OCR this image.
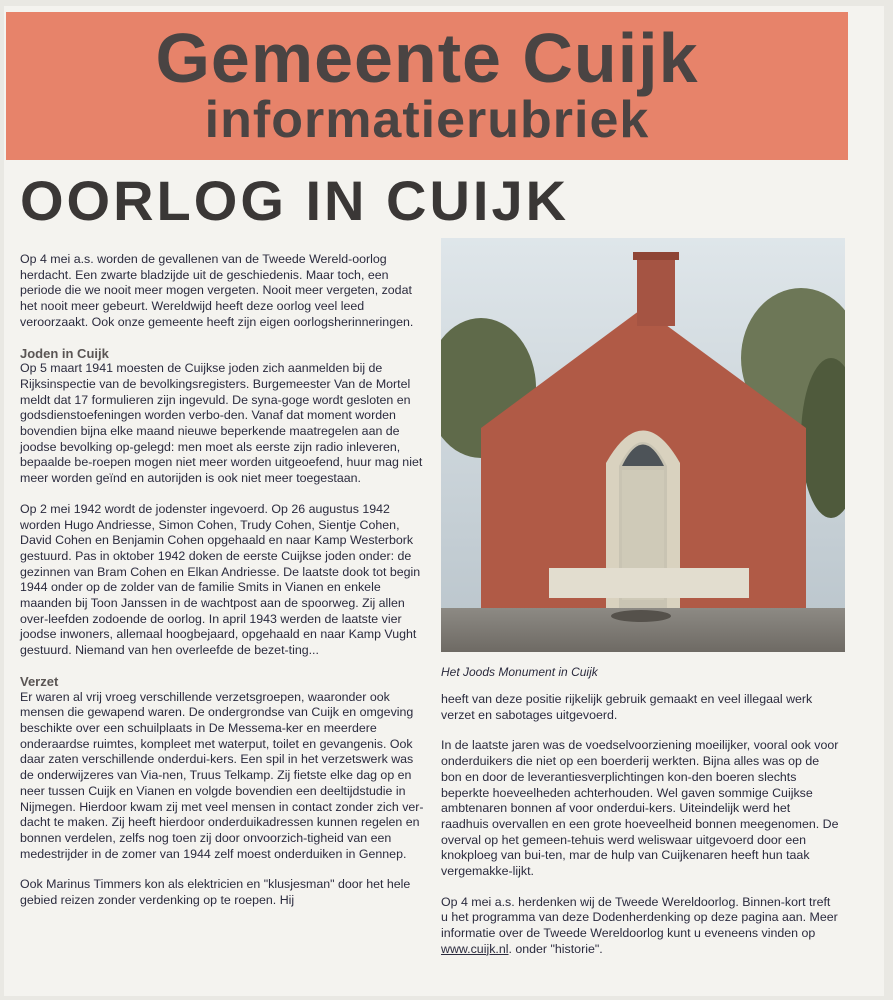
Gemeente Cuijk
informatierubriek
OORLOG IN CUIJK

Op 4 mei a.s. worden de gevallenen van de Tweede Wereld-oorlog herdacht. Een zwarte bladzijde uit de geschiedenis. Maar toch, een periode die we nooit meer mogen vergeten. Nooit meer vergeten, zodat het nooit meer gebeurt. Wereldwijd heeft deze oorlog veel leed veroorzaakt. Ook onze gemeente heeft zijn eigen oorlogsherinneringen.

Joden in Cuijk

Op 5 maart 1941 moesten de Cuijkse joden zich aanmelden bij de Rijksinspectie van de bevolkingsregisters. Burgemeester Van de Mortel meldt dat 17 formulieren zijn ingevuld. De syna-goge wordt gesloten en godsdienstoefeningen worden verbo-den. Vanaf dat moment worden bovendien bijna elke maand nieuwe beperkende maatregelen aan de joodse bevolking op-gelegd: men moet als eerste zijn radio inleveren, bepaalde be-roepen mogen niet meer worden uitgeoefend, huur mag niet meer worden geïnd en autorijden is ook niet meer toegestaan.

Op 2 mei 1942 wordt de jodenster ingevoerd. Op 26 augustus 1942 worden Hugo Andriesse, Simon Cohen, Trudy Cohen, Sientje Cohen, David Cohen en Benjamin Cohen opgehaald en naar Kamp Westerbork gestuurd. Pas in oktober 1942 doken de eerste Cuijkse joden onder: de gezinnen van Bram Cohen en Elkan Andriesse. De laatste dook tot begin 1944 onder op de zolder van de familie Smits in Vianen en enkele maanden bij Toon Janssen in de wachtpost aan de spoorweg. Zij allen over-leefden zodoende de oorlog. In april 1943 werden de laatste vier joodse inwoners, allemaal hoogbejaard, opgehaald en naar Kamp Vught gestuurd. Niemand van hen overleefde de bezet-ting...

Verzet

Er waren al vrij vroeg verschillende verzetsgroepen, waaronder ook mensen die gewapend waren. De ondergrondse van Cuijk en omgeving beschikte over een schuilplaats in De Messema-ker en meerdere onderaardse ruimtes, kompleet met waterput, toilet en gevangenis. Ook daar zaten verschillende onderdui-kers. Een spil in het verzetswerk was de onderwijzeres van Via-nen, Truus Telkamp. Zij fietste elke dag op en neer tussen Cuijk en Vianen en volgde bovendien een deeltijdstudie in Nijmegen. Hierdoor kwam zij met veel mensen in contact zonder zich ver-dacht te maken. Zij heeft hierdoor onderduikadressen kunnen regelen en bonnen verdelen, zelfs nog toen zij door onvoorzich-tigheid van een medestrijder in de zomer van 1944 zelf moest onderduiken in Gennep.

Ook Marinus Timmers kon als elektricien en "klusjesman" door het hele gebied reizen zonder verdenking op te roepen. Hij

Het Joods Monument in Cuijk

heeft van deze positie rijkelijk gebruik gemaakt en veel illegaal werk verzet en sabotages uitgevoerd.

In de laatste jaren was de voedselvoorziening moeilijker, vooral ook voor onderduikers die niet op een boerderij werkten. Bijna alles was op de bon en door de leverantiesverplichtingen kon-den boeren slechts beperkte hoeveelheden achterhouden. Wel gaven sommige Cuijkse ambtenaren bonnen af voor onderdui-kers. Uiteindelijk werd het raadhuis overvallen en een grote hoeveelheid bonnen meegenomen. De overval op het gemeen-tehuis werd weliswaar uitgevoerd door een knokploeg van bui-ten, mar de hulp van Cuijkenaren heeft hun taak vergemakke-lijkt.

Op 4 mei a.s. herdenken wij de Tweede Wereldoorlog. Binnen-kort treft u het programma van deze Dodenherdenking op deze pagina aan. Meer informatie over de Tweede Wereldoorlog kunt u eveneens vinden op www.cuijk.nl. onder "historie".
